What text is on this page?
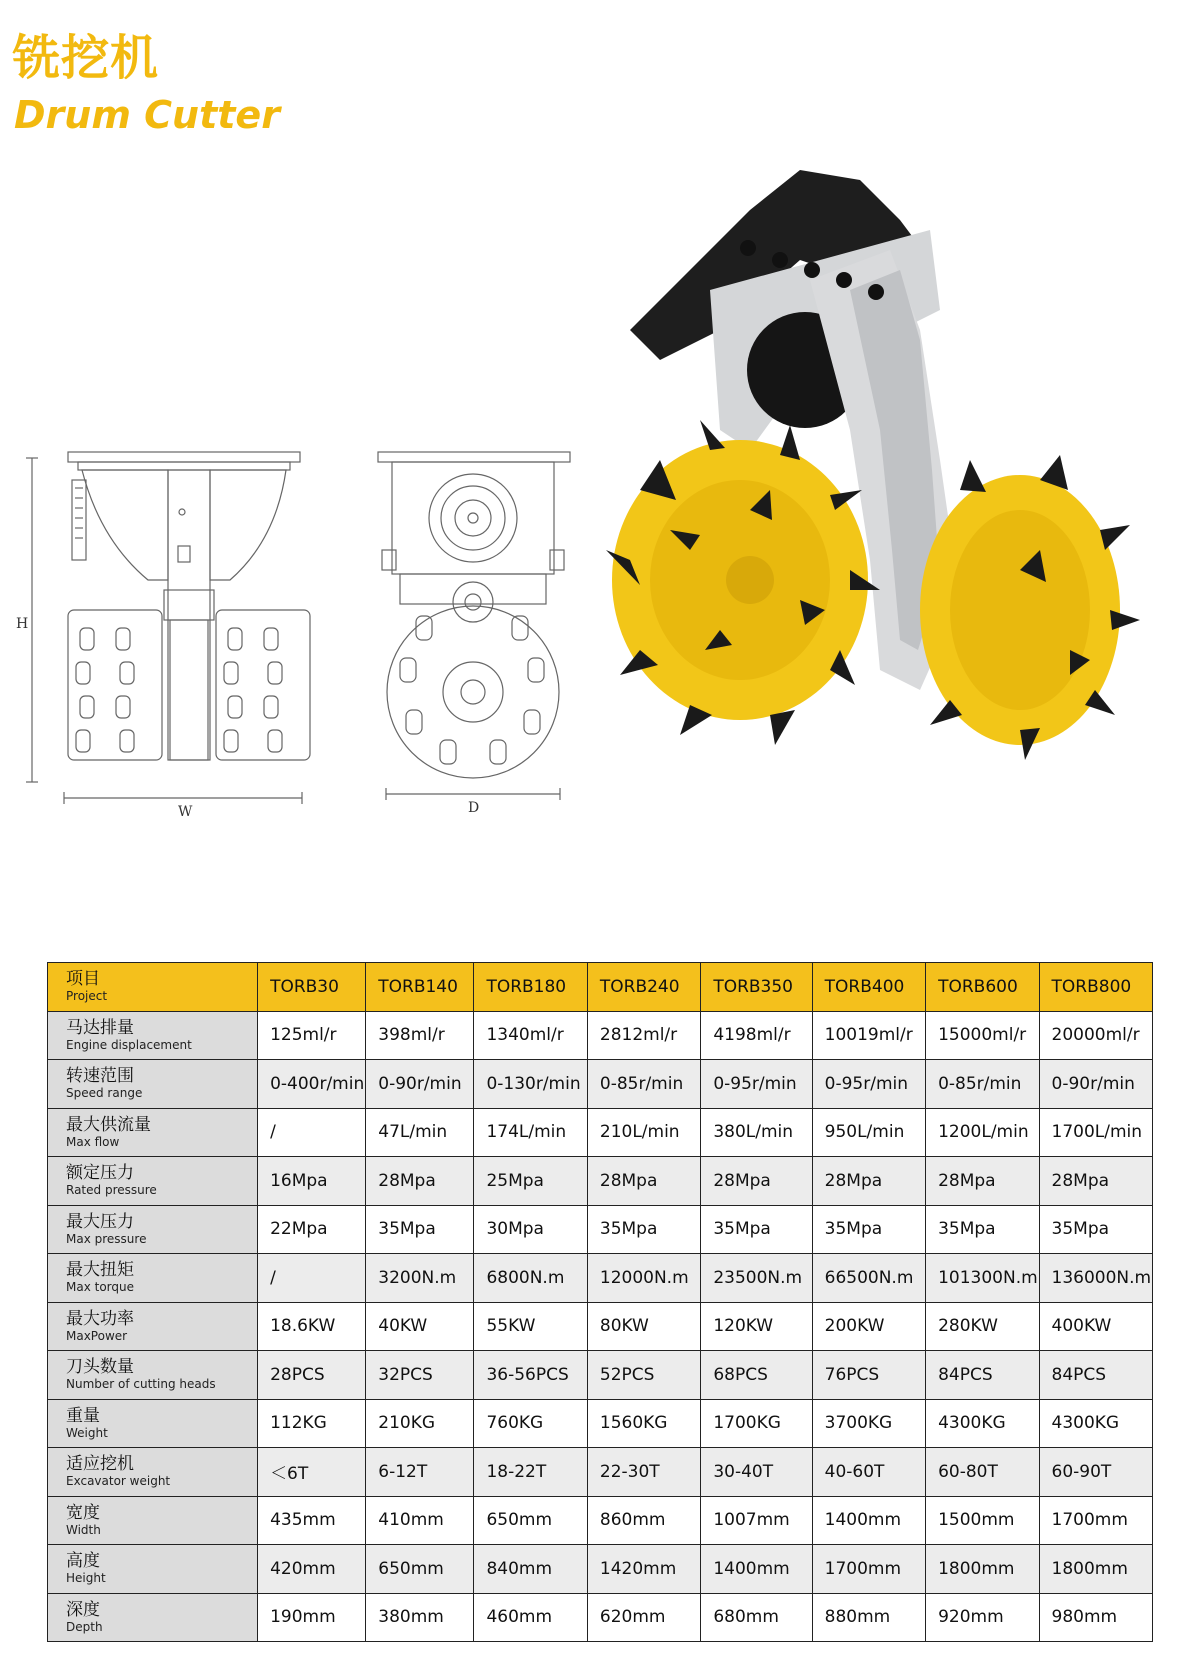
铣挖机
Drum Cutter
H
W	D
项目
Project	TORB30	TORB140	TORB180	TORB240	TORB350	TORB400	TORB600	TORB800

马达排量
Engine displacement	125ml/r	398ml/r	1340ml/r	2812ml/r	4198ml/r	10019ml/r	15000ml/r	20000ml/r

转速范围
Speed range	0-400r/min	0-90r/min	0-130r/min	0-85r/min	0-95r/min	0-95r/min	0-85r/min	0-90r/min

最大供流量
Max flow	/	47L/min	174L/min	210L/min	380L/min	950L/min	1200L/min	1700L/min

额定压力
Rated pressure	16Mpa	28Mpa	25Mpa	28Mpa	28Mpa	28Mpa	28Mpa	28Mpa

最大压力
Max pressure	22Mpa	35Mpa	30Mpa	35Mpa	35Mpa	35Mpa	35Mpa	35Mpa

最大扭矩
Max torque	/	3200N.m	6800N.m	12000N.m	23500N.m	66500N.m	101300N.m	136000N.m

最大功率
MaxPower	18.6KW	40KW	55KW	80KW	120KW	200KW	280KW	400KW

刀头数量
Number of cutting heads	28PCS	32PCS	36-56PCS	52PCS	68PCS	76PCS	84PCS	84PCS

重量
Weight	112KG	210KG	760KG	1560KG	1700KG	3700KG	4300KG	4300KG

适应挖机
Excavator weight	＜6T	6-12T	18-22T	22-30T	30-40T	40-60T	60-80T	60-90T

宽度
Width	435mm	410mm	650mm	860mm	1007mm	1400mm	1500mm	1700mm

高度
Height	420mm	650mm	840mm	1420mm	1400mm	1700mm	1800mm	1800mm

深度
Depth	190mm	380mm	460mm	620mm	680mm	880mm	920mm	980mm
